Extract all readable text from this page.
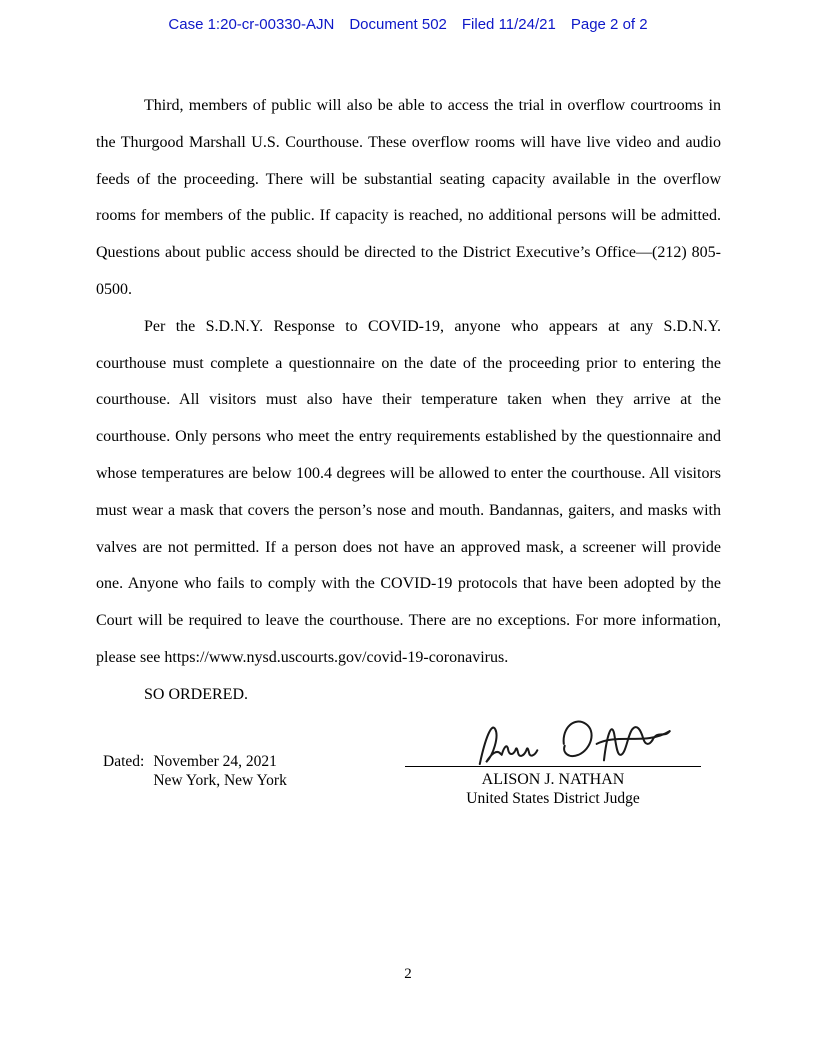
Case 1:20-cr-00330-AJN Document 502 Filed 11/24/21 Page 2 of 2

Third, members of public will also be able to access the trial in overflow courtrooms in the Thurgood Marshall U.S. Courthouse. These overflow rooms will have live video and audio feeds of the proceeding. There will be substantial seating capacity available in the overflow rooms for members of the public. If capacity is reached, no additional persons will be admitted. Questions about public access should be directed to the District Executive’s Office—(212) 805-0500.

Per the S.D.N.Y. Response to COVID-19, anyone who appears at any S.D.N.Y. courthouse must complete a questionnaire on the date of the proceeding prior to entering the courthouse. All visitors must also have their temperature taken when they arrive at the courthouse. Only persons who meet the entry requirements established by the questionnaire and whose temperatures are below 100.4 degrees will be allowed to enter the courthouse. All visitors must wear a mask that covers the person’s nose and mouth. Bandannas, gaiters, and masks with valves are not permitted. If a person does not have an approved mask, a screener will provide one. Anyone who fails to comply with the COVID-19 protocols that have been adopted by the Court will be required to leave the courthouse. There are no exceptions. For more information, please see https://www.nysd.uscourts.gov/covid-19-coronavirus.

SO ORDERED.

Dated: November 24, 2021
New York, New York	ALISON J. NATHAN
United States District Judge
2
